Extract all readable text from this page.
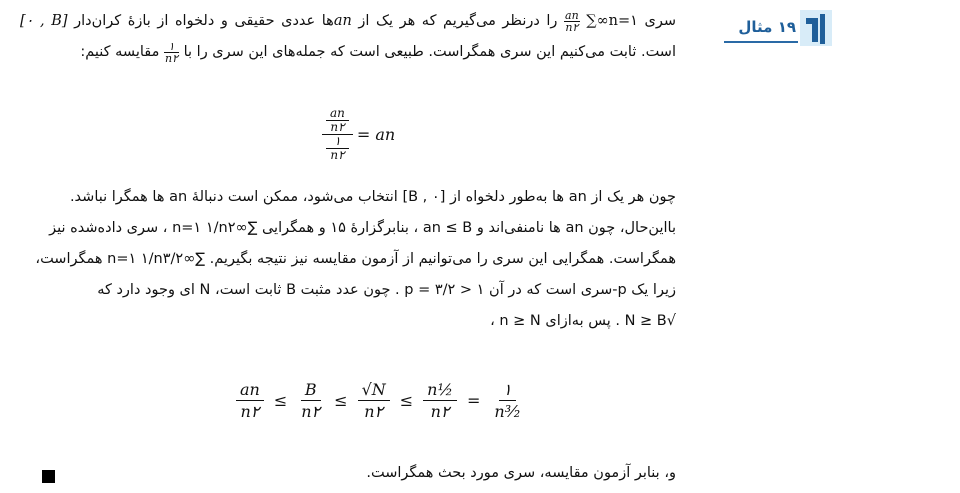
۱۹ مثال
سری ∑∞n=۱
$\frac{an}{n۲}$
را درنظر می‌گیریم که هر یک از anها عددی حقیقی و دلخواه از بازهٔ کران‌دار [۰ , B] است. ثابت می‌کنیم این سری همگراست. طبیعی است که جمله‌های این سری را با
$\frac{۱}{n۲}$
مقایسه کنیم:
$\frac{\frac{an}{n۲}}{\frac{۱}{n۲}}$ = an
چون هر یک از an ها به‌طور دلخواه از [۰ , B] انتخاب می‌شود، ممکن است دنبالهٔ an ها همگرا نباشد.
بااین‌حال، چون an ها نامنفی‌اند و an ≤ B ، بنابرگزارهٔ ۱۵ و همگرایی ∑∞n=۱ ۱/n۲ ، سری داده‌شده نیز
همگراست. همگرایی این سری را می‌توانیم از آزمون مقایسه نیز نتیجه بگیریم. ∑∞n=۱ ۱/n۳/۲ همگراست،
زیرا یک p-سری است که در آن p = ۳/۲ > ۱ . چون عدد مثبت B ثابت است، N ای وجود دارد که
√N ≥ B . پس به‌ازای n ≥ N ،
$\frac{an}{n۲} \le \frac{B}{n۲} \le \frac{√N}{n۲} \le \frac{\text{n½}}{n۲} = \frac{۱}{\text{n³⁄₂}}$
و، بنابر آزمون مقایسه، سری مورد بحث همگراست.
